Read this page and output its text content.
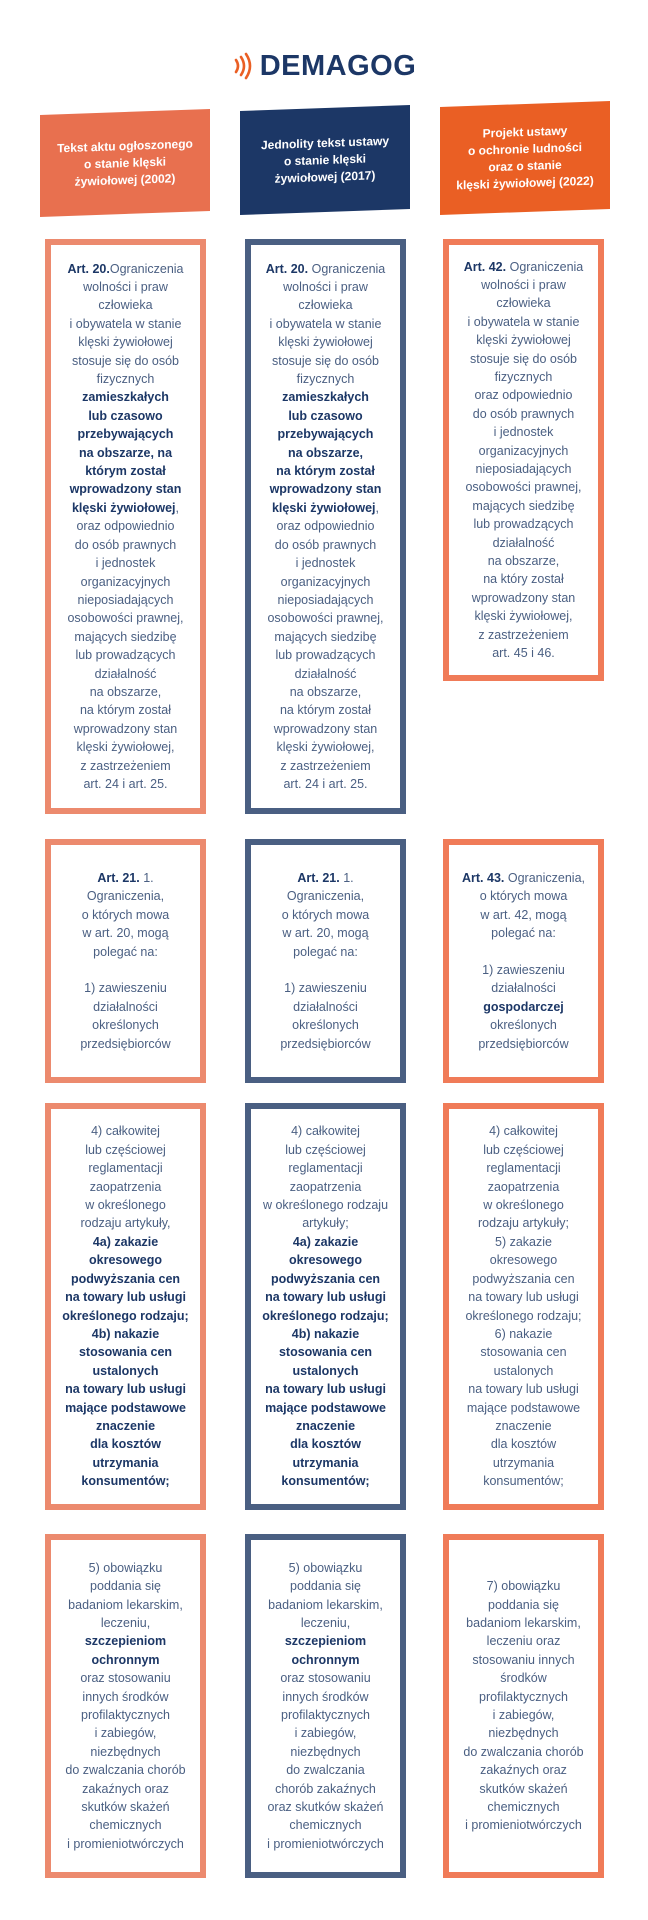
DEMAGOG
Tekst aktu ogłoszonego
o stanie klęski
żywiołowej (2002)
Jednolity tekst ustawy
o stanie klęski
żywiołowej (2017)
Projekt ustawy
o ochronie ludności
oraz o stanie
klęski żywiołowej (2022)
Art. 20.Ograniczenia
wolności i praw
człowieka
i obywatela w stanie
klęski żywiołowej
stosuje się do osób
fizycznych
zamieszkałych
lub czasowo
przebywających
na obszarze, na
którym został
wprowadzony stan
klęski żywiołowej,
oraz odpowiednio
do osób prawnych
i jednostek
organizacyjnych
nieposiadających
osobowości prawnej,
mających siedzibę
lub prowadzących
działalność
na obszarze,
na którym został
wprowadzony stan
klęski żywiołowej,
z zastrzeżeniem
art. 24 i art. 25.
Art. 20. Ograniczenia
wolności i praw
człowieka
i obywatela w stanie
klęski żywiołowej
stosuje się do osób
fizycznych
zamieszkałych
lub czasowo
przebywających
na obszarze,
na którym został
wprowadzony stan
klęski żywiołowej,
oraz odpowiednio
do osób prawnych
i jednostek
organizacyjnych
nieposiadających
osobowości prawnej,
mających siedzibę
lub prowadzących
działalność
na obszarze,
na którym został
wprowadzony stan
klęski żywiołowej,
z zastrzeżeniem
art. 24 i art. 25.
Art. 42. Ograniczenia
wolności i praw
człowieka
i obywatela w stanie
klęski żywiołowej
stosuje się do osób
fizycznych
oraz odpowiednio
do osób prawnych
i jednostek
organizacyjnych
nieposiadających
osobowości prawnej,
mających siedzibę
lub prowadzących
działalność
na obszarze,
na który został
wprowadzony stan
klęski żywiołowej,
z zastrzeżeniem
art. 45 i 46.
Art. 21. 1.
Ograniczenia,
o których mowa
w art. 20, mogą
polegać na:

1) zawieszeniu
działalności
określonych
przedsiębiorców
Art. 21. 1.
Ograniczenia,
o których mowa
w art. 20, mogą
polegać na:

1) zawieszeniu
działalności
określonych
przedsiębiorców
Art. 43. Ograniczenia,
o których mowa
w art. 42, mogą
polegać na:

1) zawieszeniu
działalności
gospodarczej
określonych
przedsiębiorców
4) całkowitej
lub częściowej
reglamentacji
zaopatrzenia
w określonego
rodzaju artykuły,
4a) zakazie
okresowego
podwyższania cen
na towary lub usługi
określonego rodzaju;
4b) nakazie
stosowania cen
ustalonych
na towary lub usługi
mające podstawowe
znaczenie
dla kosztów
utrzymania
konsumentów;
4) całkowitej
lub częściowej
reglamentacji
zaopatrzenia
w określonego rodzaju
artykuły;
4a) zakazie
okresowego
podwyższania cen
na towary lub usługi
określonego rodzaju;
4b) nakazie
stosowania cen
ustalonych
na towary lub usługi
mające podstawowe
znaczenie
dla kosztów
utrzymania
konsumentów;
4) całkowitej
lub częściowej
reglamentacji
zaopatrzenia
w określonego
rodzaju artykuły;
5) zakazie
okresowego
podwyższania cen
na towary lub usługi
określonego rodzaju;
6) nakazie
stosowania cen
ustalonych
na towary lub usługi
mające podstawowe
znaczenie
dla kosztów
utrzymania
konsumentów;
5) obowiązku
poddania się
badaniom lekarskim,
leczeniu,
szczepieniom
ochronnym
oraz stosowaniu
innych środków
profilaktycznych
i zabiegów,
niezbędnych
do zwalczania chorób
zakaźnych oraz
skutków skażeń
chemicznych
i promieniotwórczych
5) obowiązku
poddania się
badaniom lekarskim,
leczeniu,
szczepieniom
ochronnym
oraz stosowaniu
innych środków
profilaktycznych
i zabiegów,
niezbędnych
do zwalczania
chorób zakaźnych
oraz skutków skażeń
chemicznych
i promieniotwórczych
7) obowiązku
poddania się
badaniom lekarskim,
leczeniu oraz
stosowaniu innych
środków
profilaktycznych
i zabiegów,
niezbędnych
do zwalczania chorób
zakaźnych oraz
skutków skażeń
chemicznych
i promieniotwórczych
